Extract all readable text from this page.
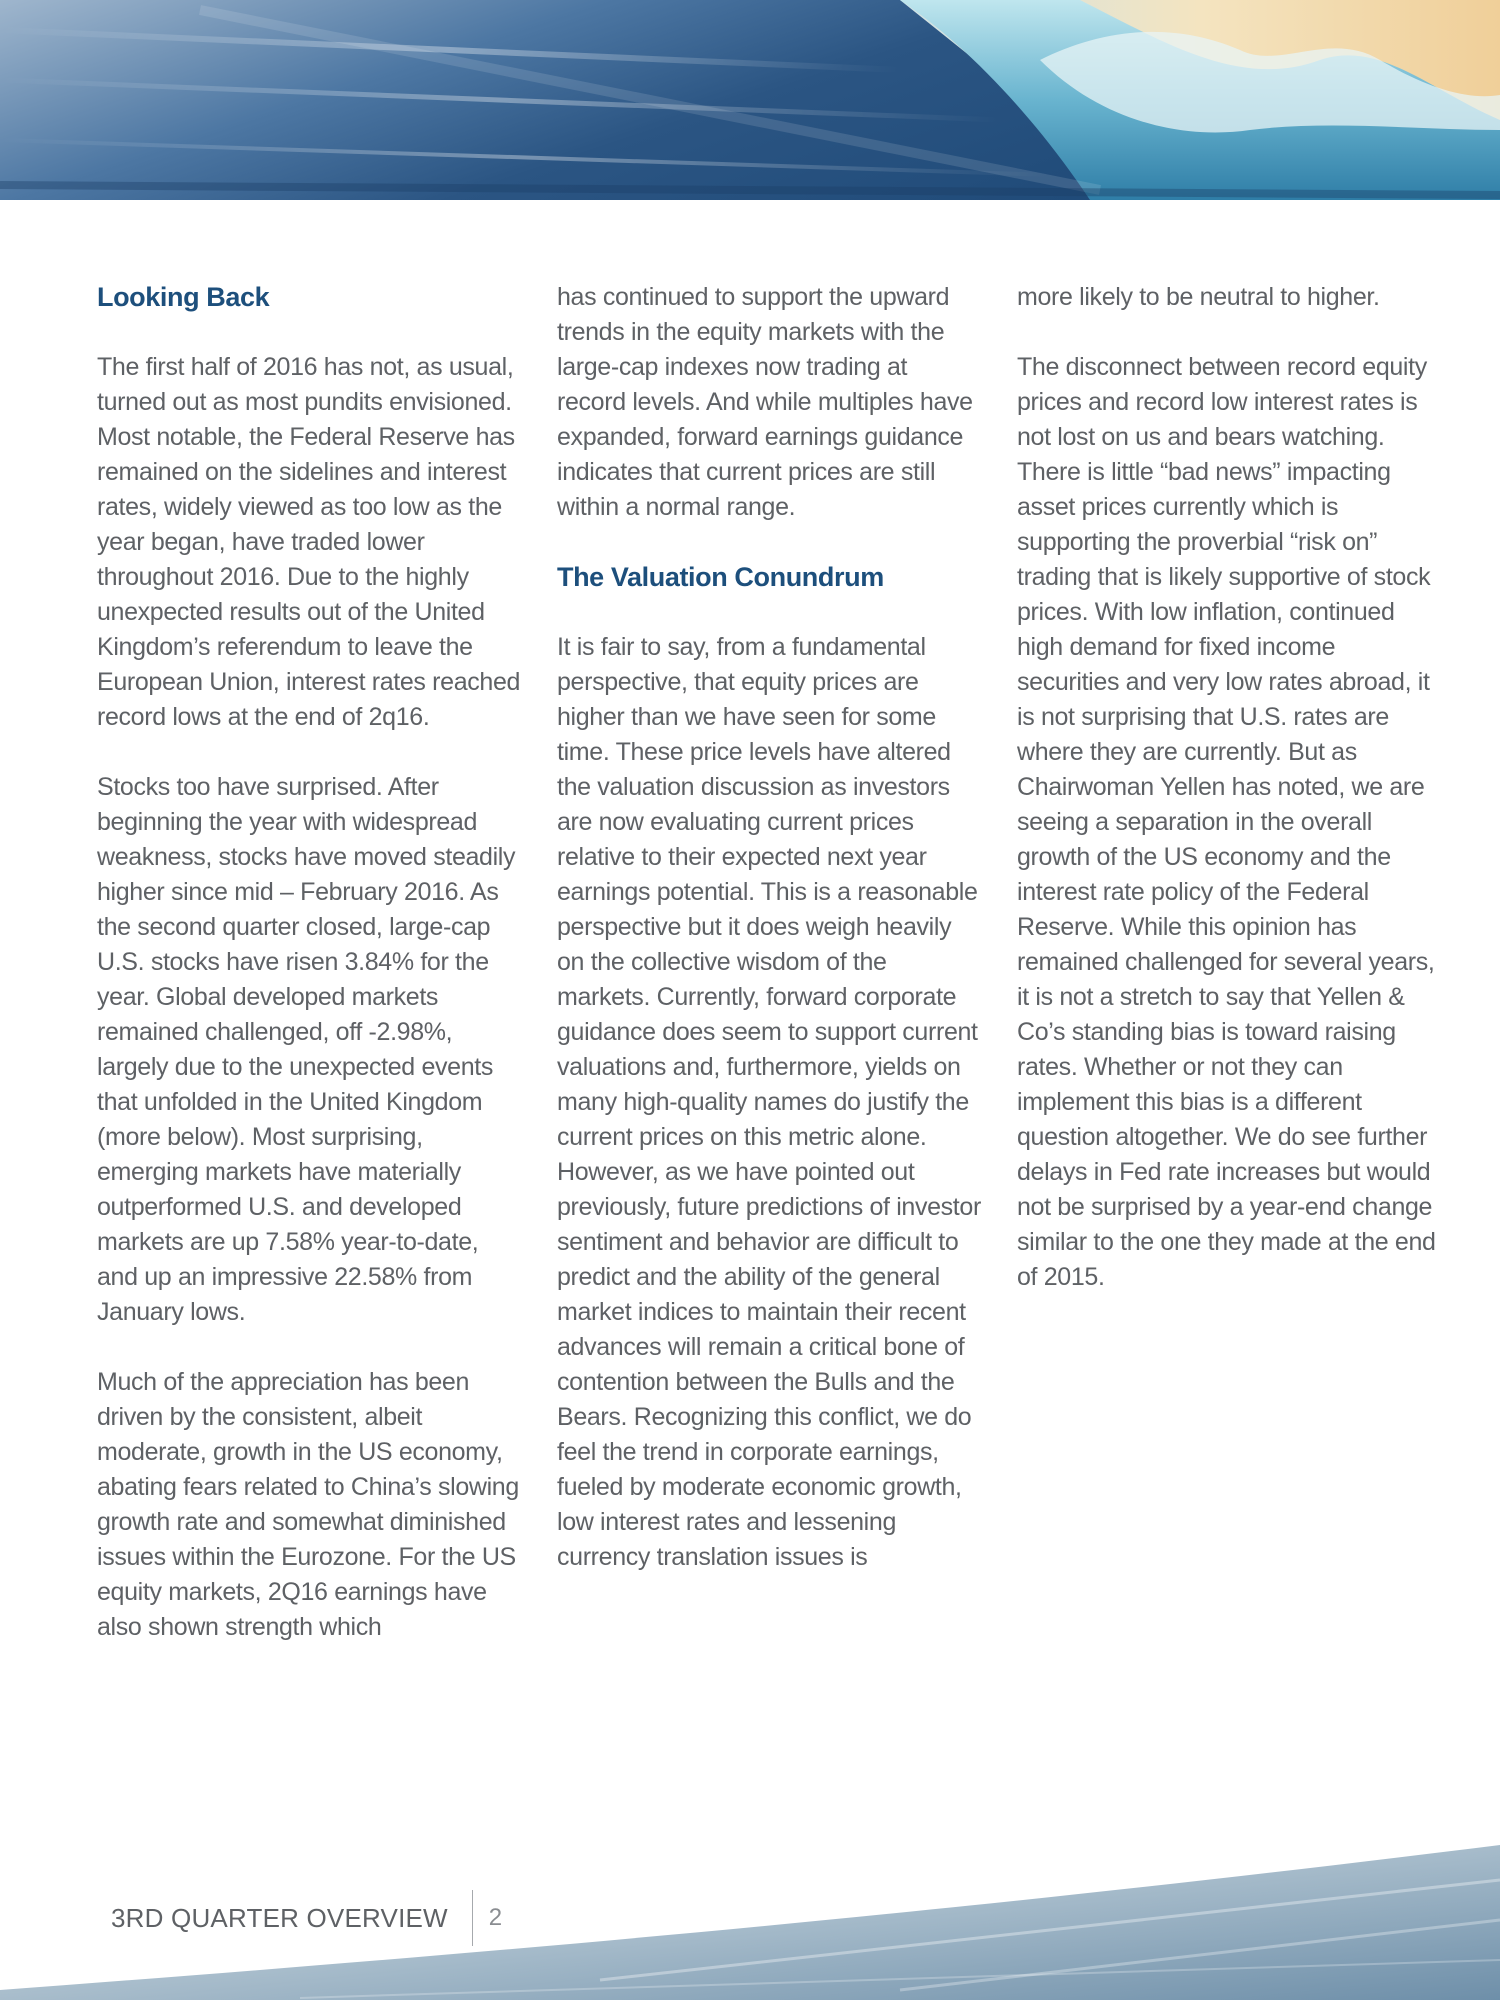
Looking Back

The first half of 2016 has not, as usual, turned out as most pundits envisioned. Most notable, the Federal Reserve has remained on the sidelines and interest rates, widely viewed as too low as the year began, have traded lower throughout 2016. Due to the highly unexpected results out of the United Kingdom’s referendum to leave the European Union, interest rates reached record lows at the end of 2q16.

Stocks too have surprised. After beginning the year with widespread weakness, stocks have moved steadily higher since mid – February 2016. As the second quarter closed, large-cap U.S. stocks have risen 3.84% for the year. Global developed markets remained challenged, off -2.98%, largely due to the unexpected events that unfolded in the United Kingdom (more below). Most surprising, emerging markets have materially outperformed U.S. and developed markets are up 7.58% year-to-date, and up an impressive 22.58% from January lows.

Much of the appreciation has been driven by the consistent, albeit moderate, growth in the US economy, abating fears related to China’s slowing growth rate and somewhat diminished issues within the Eurozone. For the US equity markets, 2Q16 earnings have also shown strength which

has continued to support the upward trends in the equity markets with the large-cap indexes now trading at record levels. And while multiples have expanded, forward earnings guidance indicates that current prices are still within a normal range.

The Valuation Conundrum

It is fair to say, from a fundamental perspective, that equity prices are higher than we have seen for some time. These price levels have altered the valuation discussion as investors are now evaluating current prices relative to their expected next year earnings potential. This is a reasonable perspective but it does weigh heavily on the collective wisdom of the markets. Currently, forward corporate guidance does seem to support current valuations and, furthermore, yields on many high-quality names do justify the current prices on this metric alone. However, as we have pointed out previously, future predictions of investor sentiment and behavior are difficult to predict and the ability of the general market indices to maintain their recent advances will remain a critical bone of contention between the Bulls and the Bears. Recognizing this conflict, we do feel the trend in corporate earnings, fueled by moderate economic growth, low interest rates and lessening currency translation issues is

more likely to be neutral to higher.

The disconnect between record equity prices and record low interest rates is not lost on us and bears watching. There is little “bad news” impacting asset prices currently which is supporting the proverbial “risk on” trading that is likely supportive of stock prices. With low inflation, continued high demand for fixed income securities and very low rates abroad, it is not surprising that U.S. rates are where they are currently. But as Chairwoman Yellen has noted, we are seeing a separation in the overall growth of the US economy and the interest rate policy of the Federal Reserve. While this opinion has remained challenged for several years, it is not a stretch to say that Yellen & Co’s standing bias is toward raising rates. Whether or not they can implement this bias is a different question altogether. We do see further delays in Fed rate increases but would not be surprised by a year-end change similar to the one they made at the end of 2015.

3RD QUARTER OVERVIEW 2
